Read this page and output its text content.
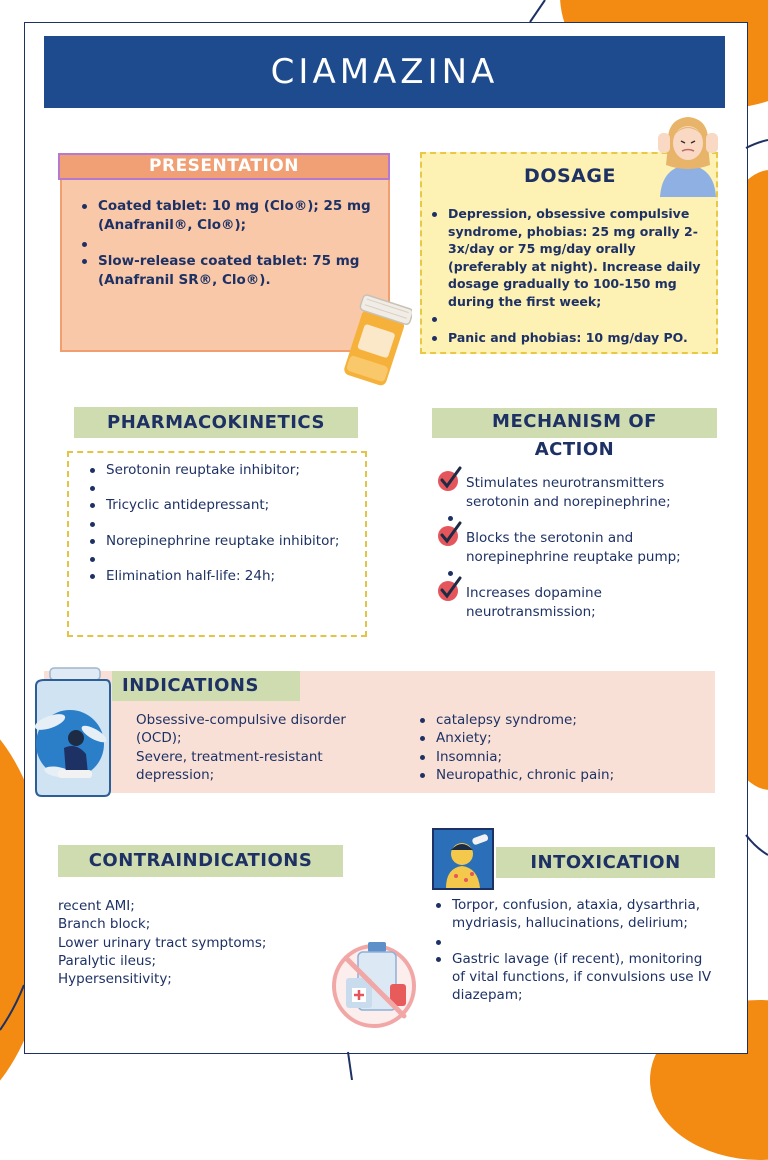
CIAMAZINA
PRESENTATION
Coated tablet: 10 mg (Clo®); 25 mg (Anafranil®, Clo®);
Slow-release coated tablet: 75 mg (Anafranil SR®, Clo®).
DOSAGE
Depression, obsessive compulsive syndrome, phobias: 25 mg orally 2-3x/day or 75 mg/day orally (preferably at night). Increase daily dosage gradually to 100-150 mg during the first week;
Panic and phobias: 10 mg/day PO.
PHARMACOKINETICS
Serotonin reuptake inhibitor;
Tricyclic antidepressant;
Norepinephrine reuptake inhibitor;
Elimination half-life: 24h;
MECHANISM OF
ACTION
Stimulates neurotransmitters serotonin and norepinephrine;
Blocks the serotonin and norepinephrine reuptake pump;
Increases dopamine neurotransmission;
INDICATIONS
Obsessive-compulsive disorder (OCD);
Severe, treatment-resistant depression;
catalepsy syndrome;
Anxiety;
Insomnia;
Neuropathic, chronic pain;
CONTRAINDICATIONS
recent AMI;
Branch block;
Lower urinary tract symptoms;
Paralytic ileus;
Hypersensitivity;
INTOXICATION
Torpor, confusion, ataxia, dysarthria, mydriasis, hallucinations, delirium;
Gastric lavage (if recent), monitoring of vital functions, if convulsions use IV diazepam;
